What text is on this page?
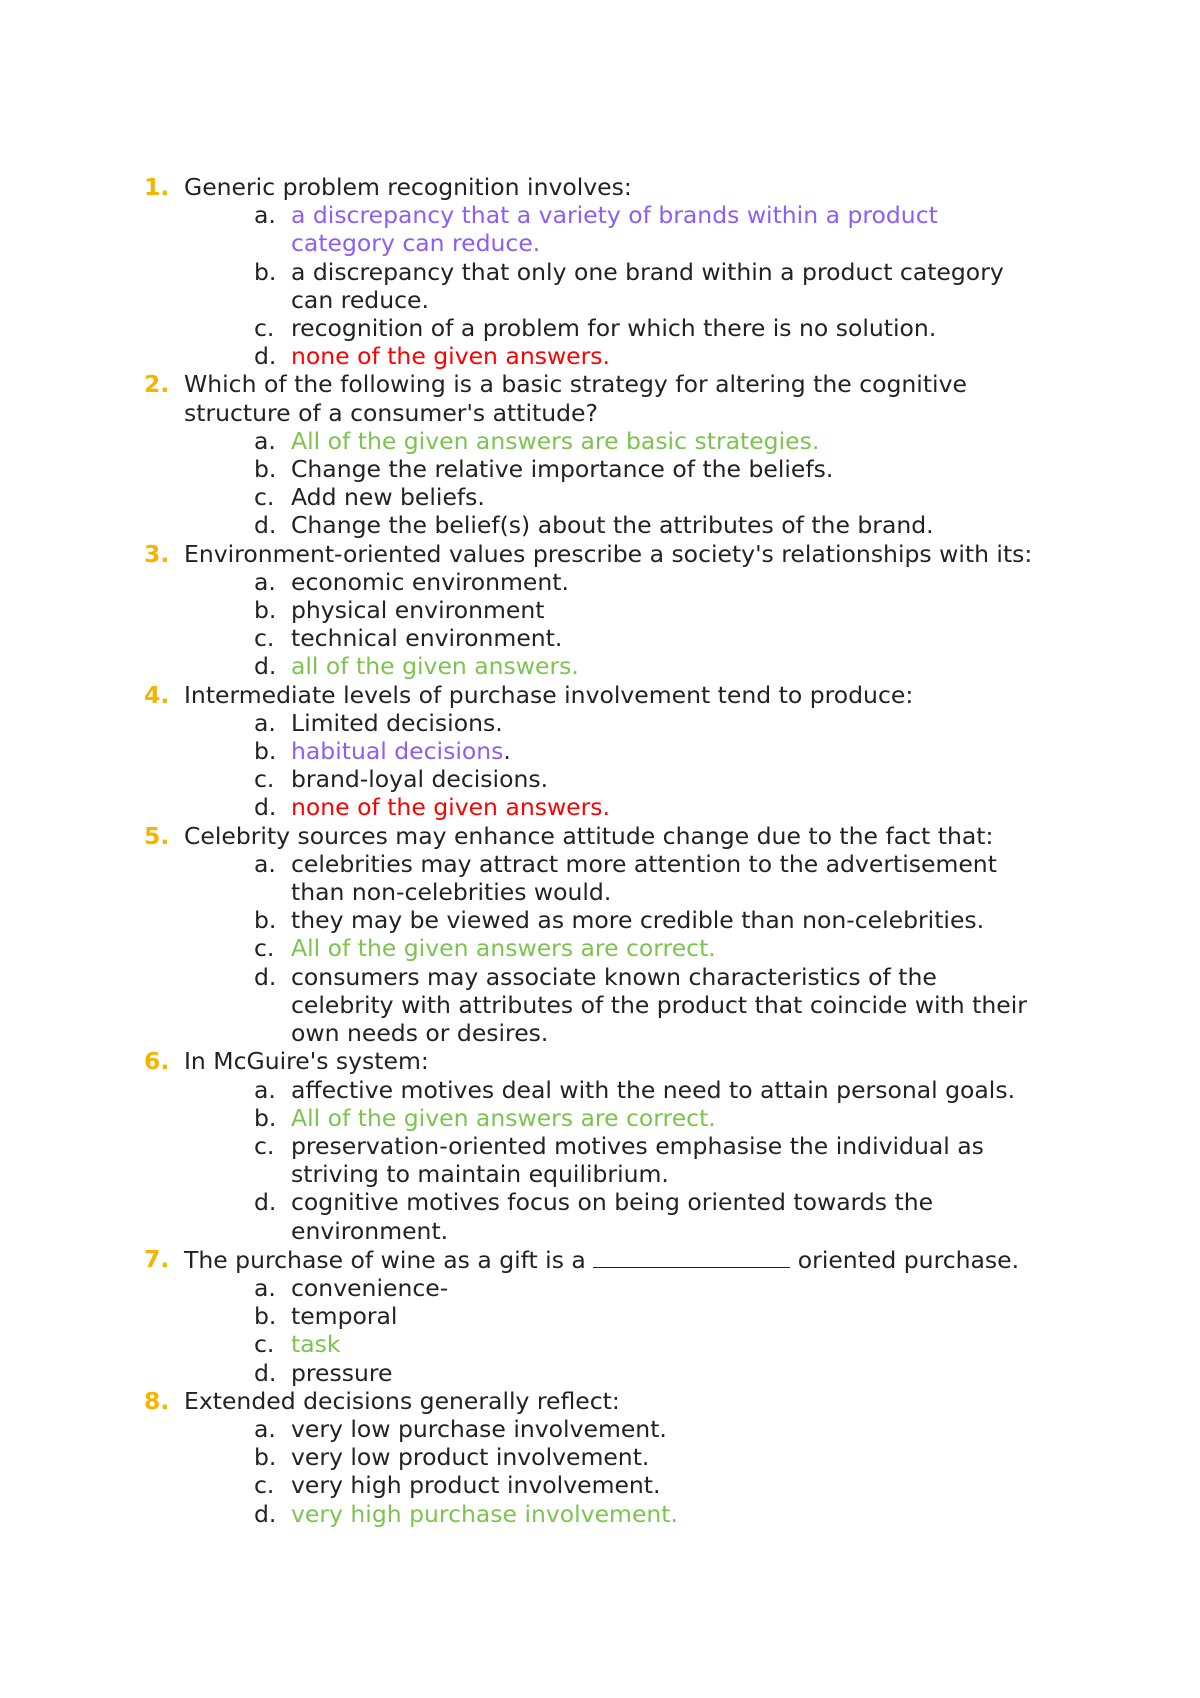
1. Generic problem recognition involves:
a. a discrepancy that a variety of brands within a product
category can reduce.
b. a discrepancy that only one brand within a product category
can reduce.
c. recognition of a problem for which there is no solution.
d. none of the given answers.
2. Which of the following is a basic strategy for altering the cognitive
structure of a consumer's attitude?
a. All of the given answers are basic strategies.
b. Change the relative importance of the beliefs.
c. Add new beliefs.
d. Change the belief(s) about the attributes of the brand.
3. Environment-oriented values prescribe a society's relationships with its:
a. economic environment.
b. physical environment
c. technical environment.
d. all of the given answers.
4. Intermediate levels of purchase involvement tend to produce:
a. Limited decisions.
b. habitual decisions.
c. brand-loyal decisions.
d. none of the given answers.
5. Celebrity sources may enhance attitude change due to the fact that:
a. celebrities may attract more attention to the advertisement
than non-celebrities would.
b. they may be viewed as more credible than non-celebrities.
c. All of the given answers are correct.
d. consumers may associate known characteristics of the
celebrity with attributes of the product that coincide with their
own needs or desires.
6. In McGuire's system:
a. affective motives deal with the need to attain personal goals.
b. All of the given answers are correct.
c. preservation-oriented motives emphasise the individual as
striving to maintain equilibrium.
d. cognitive motives focus on being oriented towards the
environment.
7. The purchase of wine as a gift is a	oriented purchase.
a. convenience-
b. temporal
c. task
d. pressure
8. Extended decisions generally reflect:
a. very low purchase involvement.
b. very low product involvement.
c. very high product involvement.
d. very high purchase involvement.
